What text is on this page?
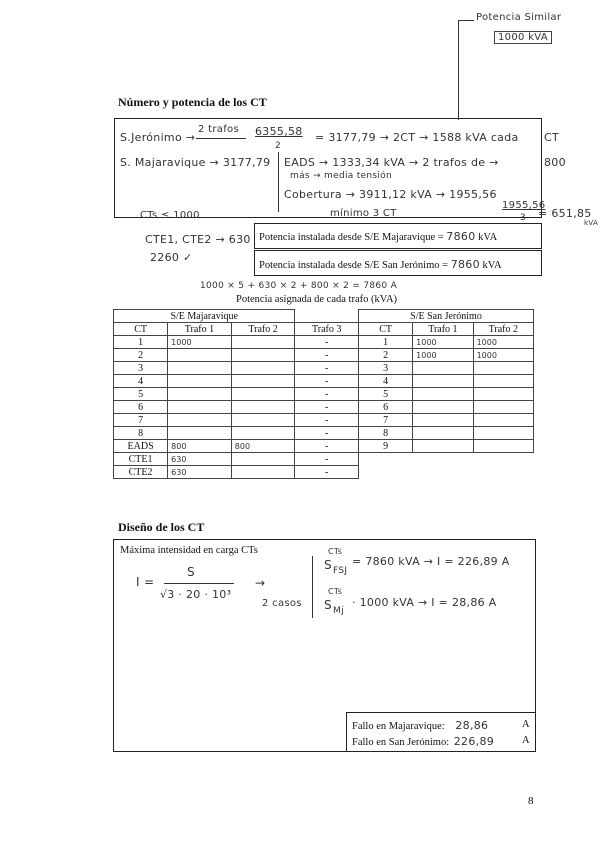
Potencia Similar
1000 kVA
Número y potencia de los CT
S.Jerónimo →
2 trafos 6355,58
2
= 3177,79 → 2CT → 1588 kVA cada CT
S. Majaravique → 3177,79 EADS → 1333,34 kVA → 2 trafos de →	800
más → media tensión
Cobertura → 3911,12 kVA → 1955,56
CTs ≤ 1000	mínimo 3 CT
1955,56
3 = 651,85
kVA
CTE1, CTE2 → 630
2260 ✓
Potencia instalada desde S/E Majaravique = 7860 kVA
Potencia instalada desde S/E San Jerónimo = 7860 kVA
1000 × 5 + 630 × 2 + 800 × 2 = 7860 A
Potencia asignada de cada trafo (kVA)
S/E Majaravique			
CT	Trafo 1	Trafo 2	Trafo 3
1	1000		-
2			-
3			-
4			-
5			-
6			-
7			-
8			-
EADS	800	800	-
CTE1	630		-
CTE2	630		-
S/E San Jerónimo		
CT	Trafo 1	Trafo 2
1	1000	1000
2	1000	1000
3		
4		
5		
6		
7		
8		
9		
Diseño de los CT
Máxima intensidad en carga CTs
I =
S
√3 · 20 · 10³
→
2 casos
CTs
S FSJ
= 7860 kVA → I = 226,89 A
CTs
S Mj
· 1000 kVA → I = 28,86 A
Fallo en Majaravique: 28,86	A
Fallo en San Jerónimo: 226,89	A
8
